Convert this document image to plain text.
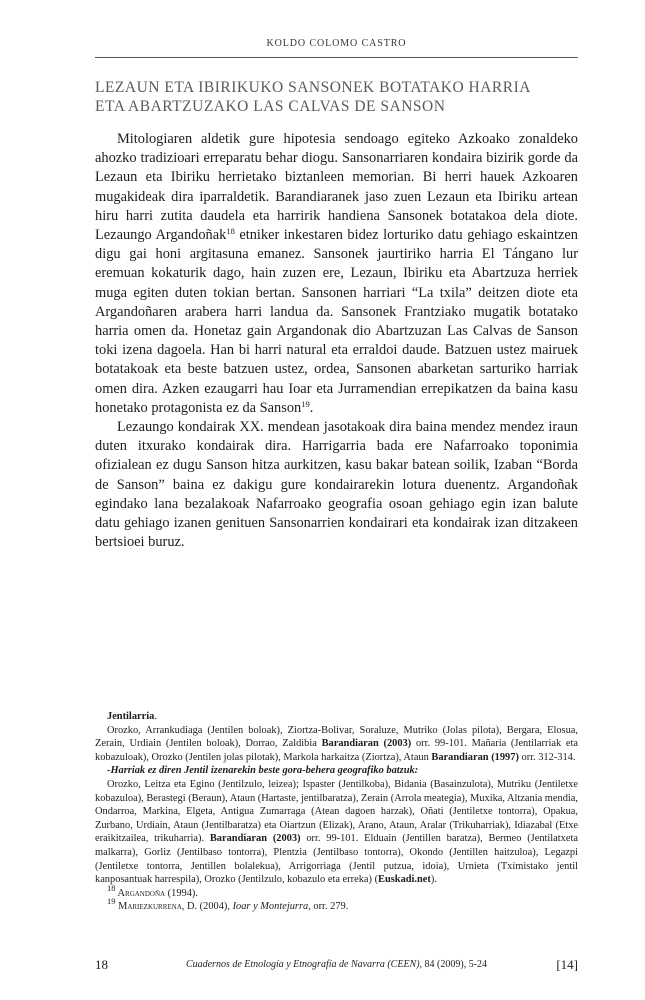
KOLDO COLOMO CASTRO
LEZAUN ETA IBIRIKUKO SANSONEK BOTATAKO HARRIA
ETA ABARTZUZAKO LAS CALVAS DE SANSON

Mitologiaren aldetik gure hipotesia sendoago egiteko Azkoako zonaldeko ahozko tradizioari erreparatu behar diogu. Sansonarriaren kondaira bizirik gorde da Lezaun eta Ibiriku herrietako biztanleen memorian. Bi herri hauek Azkoaren mugakideak dira iparraldetik. Barandiaranek jaso zuen Lezaun eta Ibiriku artean hiru harri zutita daudela eta harririk handiena Sansonek botatakoa dela diote. Lezaungo Argandoñak$^{18}$ etniker inkestaren bidez lorturiko datu gehiago eskaintzen digu gai honi argitasuna emanez. Sansonek jaurtiriko harria El Tángano lur eremuan kokaturik dago, hain zuzen ere, Lezaun, Ibiriku eta Abartzuza herriek muga egiten duten tokian bertan. Sansonen harriari “La txila” deitzen diote eta Argandoñaren arabera harri landua da. Sansonek Frantziako mugatik botatako harria omen da. Honetaz gain Argandonak dio Abartzuzan Las Calvas de Sanson toki izena dagoela. Han bi harri natural eta erraldoi daude. Batzuen ustez mairuek botatakoak eta beste batzuen ustez, ordea, Sansonen abarketan sarturiko harriak omen dira. Azken ezaugarri hau Ioar eta Jurramendian errepikatzen da baina kasu honetako protagonista ez da Sanson$^{19}$.

Lezaungo kondairak XX. mendean jasotakoak dira baina mendez mendez iraun duten itxurako kondairak dira. Harrigarria bada ere Nafarroako toponimia ofizialean ez dugu Sanson hitza aurkitzen, kasu bakar batean soilik, Izaban “Borda de Sanson” baina ez dakigu gure kondairarekin lotura duenentz. Argandoñak egindako lana bezalakoak Nafarroako geografia osoan gehiago egin izan balute datu gehiago izanen genituen Sansonarrien kondairari eta kondairak izan ditzakeen bertsioei buruz.

Jentilarria.

Orozko, Arrankudiaga (Jentilen boloak), Ziortza-Bolivar, Soraluze, Mutriko (Jolas pilota), Bergara, Elosua, Zerain, Urdiain (Jentilen boloak), Dorrao, Zaldibia Barandiaran (2003) orr. 99-101. Mañaria (Jentilarriak eta kobazuloak), Orozko (Jentilen jolas pilotak), Markola harkaitza (Ziortza), Ataun Barandiaran (1997) orr. 312-314.

-Harriak ez diren Jentil izenarekin beste gora-behera geografiko batzuk:

Orozko, Leitza eta Egino (Jentilzulo, leizea); Ispaster (Jentilkoba), Bidania (Basainzulota), Mutriku (Jentiletxe kobazuloa), Berastegi (Beraun), Ataun (Hartaste, jentilbaratza), Zerain (Arrola meategia), Muxika, Altzania mendia, Ondarroa, Markina, Elgeta, Antigua Zumarraga (Atean dagoen harzak), Oñati (Jentiletxe tontorra), Opakua, Zurbano, Urdiain, Ataun (Jentilbaratza) eta Oiartzun (Elizak), Arano, Ataun, Aralar (Trikuharriak), Idiazabal (Etxe eraikitzailea, trikuharria). Barandiaran (2003) orr. 99-101. Elduain (Jentillen baratza), Bermeo (Jentilatxeta malkarra), Gorliz (Jentilbaso tontorra), Plentzia (Jentilbaso tontorra), Okondo (Jentillen haitzuloa), Legazpi (Jentiletxe tontorra, Jentillen bolalekua), Arrigorriaga (Jentil putzua, idoia), Urnieta (Txímistako jentil kanposantuak harrespila), Orozko (Jentilzulo, kobazulo eta erreka) (Euskadi.net).

$^{18}$ Argandoña (1994).

$^{19}$ Mariezkurrena, D. (2004), Ioar y Montejurra, orr. 279.

18	Cuadernos de Etnología y Etnografía de Navarra (CEEN), 84 (2009), 5-24	[14]
